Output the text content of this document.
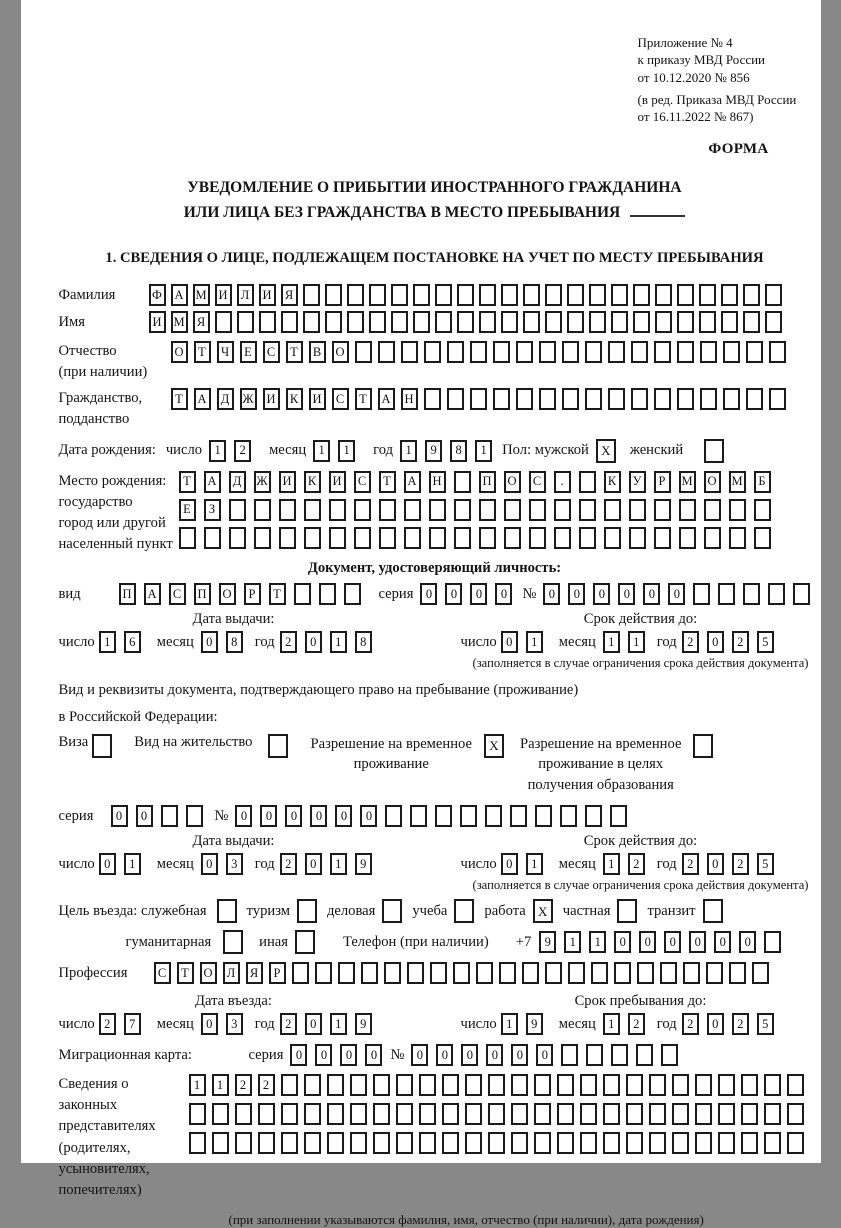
Приложение № 4
к приказу МВД России
от 10.12.2020 № 856
(в ред. Приказа МВД России
от 16.11.2022 № 867)
ФОРМА
УВЕДОМЛЕНИЕ О ПРИБЫТИИ ИНОСТРАННОГО ГРАЖДАНИНА
ИЛИ ЛИЦА БЕЗ ГРАЖДАНСТВА В МЕСТО ПРЕБЫВАНИЯ
1. СВЕДЕНИЯ О ЛИЦЕ, ПОДЛЕЖАЩЕМ ПОСТАНОВКЕ НА УЧЕТ ПО МЕСТУ ПРЕБЫВАНИЯ
Фамилия	Ф	А М И	Л	И	Я
Имя	И М Я
Отчество
(при наличии)
О	Т	Ч	Е	С	Т	В	О
Гражданство,
подданство
Т	А	Д	Ж	И	К	И	С	Т	А	Н
Дата рождения: число 1	2	месяц 1	1	год 1	9	8	1	Пол: мужской X	женский
Место рождения:
государство
город или другой
населенный пункт
Т	А	Д	Ж	И	К	И	С	Т	А	Н	П	О	С	.	К	У	Р	М	О	М	Б
Е	З
Документ, удостоверяющий личность:
вид	П	А	С	П	О	Р	Т	серия 0	0	0	0	№ 0	0	0	0	0	0
Дата выдачи:
число 1	6	месяц 0	8	год 2	0	1	8
Срок действия до:
число 0	1	месяц 1	1	год 2	0	2	5
(заполняется в случае ограничения срока действия документа)
Вид и реквизиты документа, подтверждающего право на пребывание (проживание)
в Российской Федерации:
Виза	Вид на жительство	Разрешение на временное
проживание
X	Разрешение на временное
проживание в целях
получения образования
серия	0	0	№ 0	0	0	0	0	0
Дата выдачи:
число 0	1	месяц 0	3	год 2	0	1	9
Срок действия до:
число 0	1	месяц 1	2	год 2	0	2	5
(заполняется в случае ограничения срока действия документа)
Цель въезда: служебная	туризм	деловая	учеба	работа X	частная	транзит
гуманитарная	иная	Телефон (при наличии) +7	9	1	1	0	0	0	0	0	0
Профессия	С	Т	О	Л	Я	Р
Дата въезда:
число 2	7	месяц 0	3	год 2	0	1	9
Срок пребывания до:
число 1	9	месяц 1	2	год 2	0	2	5
Миграционная карта:	серия 0	0	0	0 № 0	0	0	0	0	0
Сведения о
законных
представителях
(родителях,
усыновителях,
попечителях)
1	1	2	2
(при заполнении указываются фамилия, имя, отчество (при наличии), дата рождения)
